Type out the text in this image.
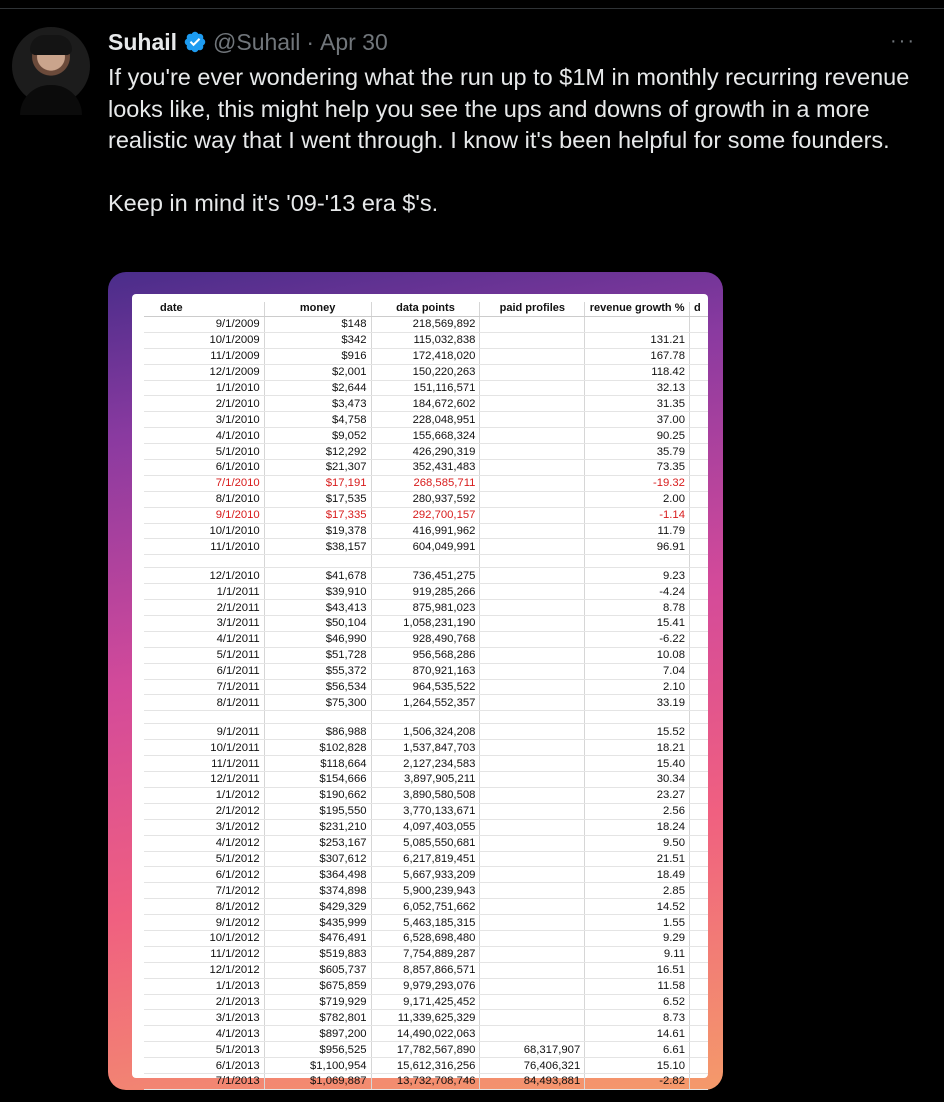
Suhail @Suhail · Apr 30	···
If you're ever wondering what the run up to $1M in monthly recurring revenue looks like, this might help you see the ups and downs of growth in a more realistic way that I went through. I know it's been helpful for some founders.

Keep in mind it's '09-'13 era $'s.
date	money	data points	paid profiles	revenue growth %	d
9/1/2009	$148	218,569,892			
10/1/2009	$342	115,032,838		131.21	
11/1/2009	$916	172,418,020		167.78	
12/1/2009	$2,001	150,220,263		118.42	
1/1/2010	$2,644	151,116,571		32.13	
2/1/2010	$3,473	184,672,602		31.35	
3/1/2010	$4,758	228,048,951		37.00	
4/1/2010	$9,052	155,668,324		90.25	
5/1/2010	$12,292	426,290,319		35.79	
6/1/2010	$21,307	352,431,483		73.35	
7/1/2010	$17,191	268,585,711		-19.32	
8/1/2010	$17,535	280,937,592		2.00	
9/1/2010	$17,335	292,700,157		-1.14	
10/1/2010	$19,378	416,991,962		11.79	
11/1/2010	$38,157	604,049,991		96.91	

12/1/2010	$41,678	736,451,275		9.23	
1/1/2011	$39,910	919,285,266		-4.24	
2/1/2011	$43,413	875,981,023		8.78	
3/1/2011	$50,104	1,058,231,190		15.41	
4/1/2011	$46,990	928,490,768		-6.22	
5/1/2011	$51,728	956,568,286		10.08	
6/1/2011	$55,372	870,921,163		7.04	
7/1/2011	$56,534	964,535,522		2.10	
8/1/2011	$75,300	1,264,552,357		33.19	

9/1/2011	$86,988	1,506,324,208		15.52	
10/1/2011	$102,828	1,537,847,703		18.21	
11/1/2011	$118,664	2,127,234,583		15.40	
12/1/2011	$154,666	3,897,905,211		30.34	
1/1/2012	$190,662	3,890,580,508		23.27	
2/1/2012	$195,550	3,770,133,671		2.56	
3/1/2012	$231,210	4,097,403,055		18.24	
4/1/2012	$253,167	5,085,550,681		9.50	
5/1/2012	$307,612	6,217,819,451		21.51	
6/1/2012	$364,498	5,667,933,209		18.49	
7/1/2012	$374,898	5,900,239,943		2.85	
8/1/2012	$429,329	6,052,751,662		14.52	
9/1/2012	$435,999	5,463,185,315		1.55	
10/1/2012	$476,491	6,528,698,480		9.29	
11/1/2012	$519,883	7,754,889,287		9.11	
12/1/2012	$605,737	8,857,866,571		16.51	
1/1/2013	$675,859	9,979,293,076		11.58	
2/1/2013	$719,929	9,171,425,452		6.52	
3/1/2013	$782,801	11,339,625,329		8.73	
4/1/2013	$897,200	14,490,022,063		14.61	
5/1/2013	$956,525	17,782,567,890	68,317,907	6.61	
6/1/2013	$1,100,954	15,612,316,256	76,406,321	15.10	
7/1/2013	$1,069,887	13,732,708,746	84,493,881	-2.82	
